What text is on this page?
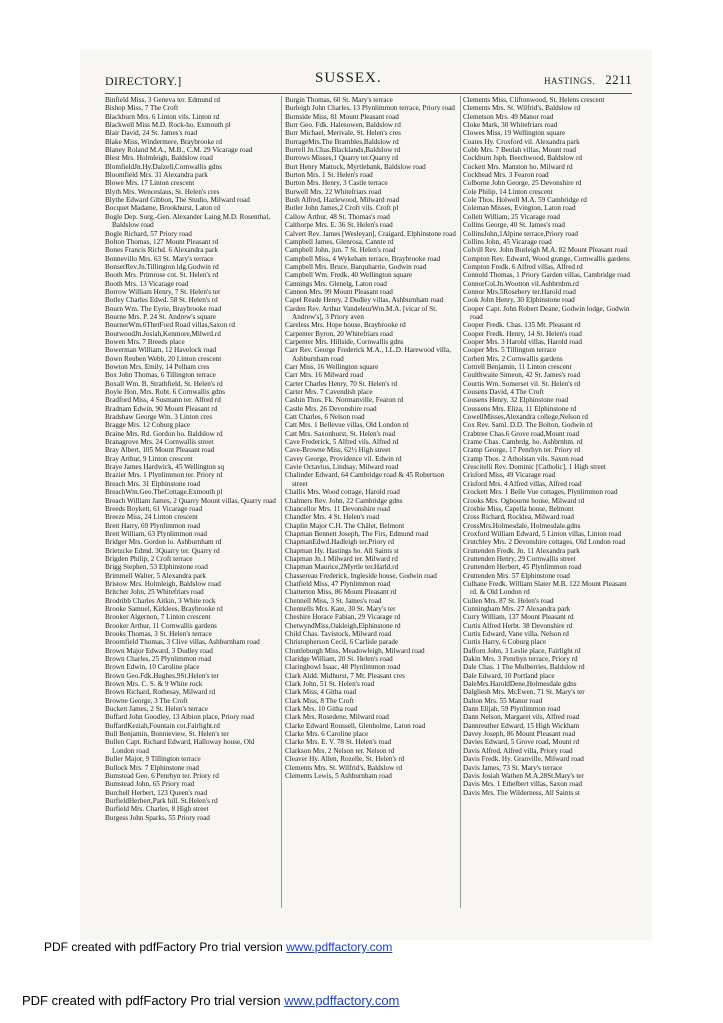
DIRECTORY.]	SUSSEX.	HASTINGS. 2211
Binfield Miss, 3 Geneva ter. Edmund rd
Bishop Miss, 7 The Croft
Blackburn Mrs. 6 Linton vils. Linton rd
Blackwell Miss M.D. Rock-ho. Exmouth pl
Blair David, 24 St. James's road
Blake Miss, Windermere, Braybrooke rd
Blaney Roland M.A., M.B., C.M. 29 Vicarage road
Blest Mrs. Holmleigh, Baldslow road
BlomfieldJn.Hy.Dalzell,Cornwallis gdns
Bloomfield Mrs. 31 Alexandra park
Blowe Mrs. 17 Linton crescent
Blyth Mrs. Wenceslaus, St. Helen's cres
Blythe Edward Gibbon, The Studio, Milward road
Bocquet Madame, Brookhurst, Laton rd
Bogle Dep. Surg.-Gen. Alexander Laing M.D. Rosenthal, Baldslow road
Bogle Richard, 57 Priory road
Bolton Thomas, 127 Mount Pleasant rd
Bones Francis Richd. 6 Alexandra park
Bonnevillo Mrs. 63 St. Mary's terrace
BonserRev.Jn.Tillington ldg.Godwin rd
Booth Mrs. Primrose cot. St. Helen's rd
Booth Mrs. 13 Vicarage road
Borrow William Henry, 7 St. Helen's ter
Botley Charles Edwd. 58 St. Helen's rd
Bourn Wm. The Eyrie, Braybrooke road
Bourne Mrs. P. 24 St. Andrew's square
BournerWm.6ThetFord Road villas,Saxon rd
BoutwoodJn.Josiah,Kenmore,Milwrd.rd
Bowen Mrs. 7 Breeds place
Bowerman William, 12 Havelock road
Bown Reuben Webb, 20 Linton crescent
Bowton Mrs. Emily, 14 Pelham cres
Box John Thomas, 6 Tillington terrace
Boxall Wm. B. Strathfield, St. Helen's rd
Boyle Hon. Mrs. Robt. 6 Cornwallis gdns
Bradford Miss, 4 Susmann ter. Alfred rd
Bradnam Edwin, 90 Mount Pleasant rd
Bradshaw George Wm. 3 Linton cres
Bragge Mrs. 12 Coburg place
Braine Mrs. Rd. Gordon ho. Baldslow rd
Branagrove Mrs. 24 Cornwallis street
Bray Albert, 105 Mount Pleasant road
Bray Arthur, 9 Linton crescent
Braye James Hardwick, 45 Wellington sq
Brazier Mrs. 1 Plynlimmon ter. Priory rd
Breach Mrs. 31 Elphinstone road
BreachWm.Geo.TheCottage.Exmouth pl
Breach William James, 2 Quarry Mount villas, Quarry road
Breeds Boykett, 61 Vicarage road
Breeze Miss, 24 Linton crescent
Brett Harry, 69 Plynlimmon road
Brett William, 63 Plynlimmon road
Bridger Mrs. Gordon lo. Ashburnham rd
Brietzcke Edmd. 3Quarry ter. Quarry rd
Brigden Philip, 2 Croft terrace
Brigg Stephen, 53 Elphinstone road
Brimmell Walter, 5 Alexandra park
Bristow Mrs. Holmleigh, Baldslow road
Britcher John, 25 Whitefriars road
Brodribb Charles Aitkin, 3 White rock
Brooke Samuel, Kirklees, Braybrooke rd
Brooker Algernon, 7 Linton crescent
Brooker Arthur, 11 Cornwallis gardens
Brooks Thomas, 3 St. Helen's terrace
Broomfield Thomas, 3 Clive villas, Ashburnham road
Brown Major Edward, 3 Dudley road
Brown Charles, 25 Plynlimmon road
Brown Edwin, 10 Caroline place
Brown Geo.Fdk.Hughes,9St.Helen's ter
Brown Mrs. C. S. & 9 White rock
Brown Richard, Rothesay, Milward rd
Browne George, 3 The Croft
Buckett James, 2 St. Helen's terrace
Buffard John Goodley, 13 Albion place, Priory road
BuffardKeziah,Fountain cot.Fairlight.rd
Bull Benjamin, Bonnieview, St. Helen's ter
Bullen Capt. Richard Edward, Halloway house, Old London road
Buller Major, 9 Tillington terrace
Bullock Mrs. 7 Elphinstone road
Bumstead Geo. 6 Penrhyn ter. Priory rd
Bumstead John, 65 Priory road
Burchell Herbert, 123 Queen's road
BurfieldHerbert,Park hill. St.Helen's rd
Burfield Mrs. Charles, 8 High street
Burgess John Sparks, 55 Priory road
Burgin Thomas, 60 St. Mary's terrace
Burleigh John Charles, 13 Plynlimmon terrace, Priory road
Burnside Miss, 81 Mount Pleasant road
Burr Geo. Fdk. Halesowen, Baldslow rd
Burr Michael, Merivale, St. Helen's cres
BurrageMrs.The Brambles,Baldslow rd
Burrell Jn.Chas.Blacklands,Baldslow rd
Burrows Misses,1 Quarry ter.Quarry rd
Burt Henry Mattock, Myrtlebank, Baldslow road
Burton Mrs. 1 St. Helen's road
Burton Mrs. Henry, 3 Castle terrace
Burwell Mrs. 22 Whitefriars road
Bush Alfred, Hazlewood, Milward road
Butler John James,2 Croft vils. Croft pl
Callow Arthur, 48 St. Thomas's road
Calthorpe Mrs. E. 36 St. Helen's road
Calvert Rev. James [Wesleyan], Craigard, Elphinstone road
Campbell James, Glenrosa, Cannte rd
Campbell John, jun. 7 St. Helen's road
Campbell Miss, 4 Wykeham terrace, Braybrooke road
Campbell Mrs. Bruce, Barquharrie, Godwin road
Campbell Wm. Fredk. 40 Wellington square
Cannings Mrs. Glenelg, Laton road
Cannon Mrs. 99 Mount Pleasant road
Capel Reade Henry, 2 Dudley villas, Ashburnham road
Carden Rev. Arthur VandeleurWm.M.A. [vicar of St. Andrew's], 3 Priory aven
Careless Mrs. Hope house, Braybrooke rd
Carpenter Byron, 20 Whitefriars road
Carpenter Mrs. Hillside, Cornwallis gdns
Carr Rev. George Frederick M.A., LL.D. Harewood villa, Ashburnham road
Carr Miss, 16 Wellington square
Carr Mrs. 16 Milward road
Carter Charles Henry, 70 St. Helen's rd
Carter Mrs. 7 Cavendish place
Cashin Thos. Fk. Normanville, Fearon rd
Castle Mrs. 26 Devonshire road
Catt Charles, 6 Nelson road
Catt Mrs. 1 Bellevue villas, Old London rd
Catt Mrs. Saxonhurst, St. Helen's road
Cave Frederick, 5 Alfred vils. Alfred rd
Cave-Browne Miss, 62½ High street
Cavey George, Providence vil. Edwin rd
Cavie Octavius, Lindsay, Milward road
Chalinder Edward, 64 Cambridge road & 45 Robertson street
Challis Mrs. Wood cottage, Harold road
Chalmers Rev. John, 22 Cambridge gdns
Chancellor Mrs. 11 Devonshire road
Chandler Mrs. 4 St. Helen's road
Chaplin Major C.H. The Châlet, Belmont
Chapman Bennett Joseph, The Firs, Edmund road
ChapmanEdwd.Hadleigh ter.Priory rd
Chapman Hy. Hastings ho. All Saints st
Chapman Jn.1 Milward ter. Milward rd
Chapman Maurice,2Myrtle ter.Harld.rd
Chassereau Frederick, Ingleside house, Godwin road
Chatfield Miss, 47 Plynlimmon road
Chatterton Miss, 86 Mount Pleasant rd
Chennell Miss, 3 St. James's road
Chennells Mrs. Kate, 30 St. Mary's ter
Cheshire Horace Fabian, 29 Vicarage rd
ChetwyndMiss,Oakleigh,Elphinstone rd
Child Chas. Tavistock, Milward road
Christopherson Cecil, 6 Carlisle parade
Chuttleburgh Miss, Meadowleigh, Milward road
Claridge William, 20 St. Helen's road
Claringbowl Isaac, 48 Plynlimmon road
Clark Aldd. Midhurst, 7 Mt. Pleasant cres
Clark John, 51 St. Helen's road
Clark Miss, 4 Githa road
Clark Miss, 8 The Croft
Clark Mrs. 10 Githa road
Clark Mrs. Rosedene, Milward road
Clarke Edward Roussell, Glenholme, Laton road
Clarke Mrs. 6 Caroline place
Clarke Mrs. E. V. 78 St. Helen's road
Clarkson Mrs. 2 Nelson ter. Nelson rd
Cleaver Hy. Allen, Rozelle, St. Helen's rd
Clements Mrs. St. Wilfrid's, Baldslow rd
Clements Lewis, 5 Ashburnham road
Clements Miss, Cliftonwood, St. Helens crescent
Clements Mrs. St. Wilfrid's, Baldslow rd
Clemetson Mrs. 49 Manor road
Cloke Mark, 30 Whitefriars road
Clowes Miss, 19 Wellington square
Coates Hy. Croxford vil. Alexandra park
Cobb Mrs. 7 Beulah villas, Mount road
Cockburn Jsph. Beechwood, Baldslow rd
Cockett Mrs. Manston ho. Milward rd
Cockhead Mrs. 3 Fearon road
Colborne John George, 25 Devonshire rd
Cole Philip, 14 Linton crescent
Cole Thos. Holwell M.A. 59 Cambridge rd
Coleman Misses, Evington, Laton road
Collett William, 25 Vicarage road
Collins George, 40 St. James's road
CollinsJohn,1Alpine terrace,Priory road
Collins John, 45 Vicarage road
Colvill Rev. John Burleigh M.A. 82 Mount Pleasant road
Compton Rev. Edward, Wood grange, Cornwallis gardens
Compton Fredk. 6 Alfred villas, Alfred rd
Connold Thomas, 1 Priory Garden villas, Cambridge road
ConnorCol.Jn.Wootton vil.Ashbrnhm.rd
Connor Mrs.5Rosebery ter.Harold road
Cook John Henry, 30 Elphinstone road
Cooper Capt. John Robert Deane, Godwin lodge, Godwin road
Cooper Fredk. Chas. 135 Mt. Pleasant rd
Cooper Fredk. Henry, 14 St. Helen's road
Cooper Mrs. 3 Harold villas, Harold road
Cooper Mrs. 5 Tillington terrace
Corbett Mrs. 2 Cornwallis gardens
Cottrell Benjamin, 11 Linton crescent
Coulthwaite Simeon, 42 St. James's road
Courtis Wm. Somerset vil. St. Helen's rd
Cousens David, 4 The Croft
Cousens Henry, 32 Elphinstone road
Coussens Mrs. Eliza, 11 Elphinstone rd
CowellMisses,Alexandra college,Nelson rd
Cox Rev. Saml. D.D. The Bolton, Godwin rd
Crabtree Chas.6 Grove road,Mount road
Crame Chas. Cambrdg. ho. Ashbrnhm. rd
Cramp George, 17 Penrhyn ter. Priory rd
Cramp Thos. 2 Atholstan vils. Saxon road
Crescitelli Rev. Dominic [Catholic], 1 High street
Crisford Miss, 49 Vicarage road
Crisford Mrs. 4 Alfred villas, Alfred road
Crockett Mrs. 1 Belle Vue cottages, Plynlimmon road
Crooks Mrs. Ogbourne house, Milward rd
Crosbie Miss, Capella house, Belmont
Cross Richard, Rocklea, Milward road
CrossMrs.Holmesdale, Holmesdale.gdns
Croxford William Edward, 5 Linton villas, Linton road
Crutchley Mrs. 2 Devonshire cottages, Old London road
Cruttenden Fredk. Jn. 11 Alexandra park
Cruttenden Henry, 29 Cornwallis street
Cruttenden Herbert, 45 Plynlimmon road
Cruttenden Mrs. 57 Elphinstone road
Culhane Fredk. William Slater M.B. 122 Mount Pleasant rd. & Old London rd
Cullen Mrs. 87 St. Helen's road
Cunningham Mrs. 27 Alexandra park
Curry William, 137 Mount Pleasant rd
Curtis Alfred Herbt. 38 Devonshire rd
Curtis Edward, Vane villa, Nelson rd
Curtis Harry, 6 Coburg place
Dafforn John, 3 Leslie place, Fairlight rd
Dakin Mrs. 3 Penrhyn terrace, Priory rd
Dale Chas. 1 The Mulberries, Baldslow rd
Dale Edward, 10 Portland place
DaleMrs.HaroldDene,Holmesdale gdns
Dalgliesh Mrs. McEwen, 71 St. Mary's ter
Dalton Mrs. 55 Manor road
Dann Elijah, 59 Plynlimmon road
Dann Nelson, Margaret vils, Alfred road
Dannreuther Edward, 15 High Wickham
Davey Joseph, 86 Mount Pleasant road
Davies Edward, 5 Grove road, Mount rd
Davis Alfred, Alfred villa, Priory road
Davis Fredk. Hy. Granville, Milward road
Davis James, 73 St. Mary's terrace
Davis Josiah Wathen M.A.28St.Mary's ter
Davis Mrs. 1 Ethelbert villas, Saxon road
Davis Mrs. The Wilderness, All Saints st
PDF created with pdfFactory Pro trial version www.pdffactory.com
PDF created with pdfFactory Pro trial version www.pdffactory.com
